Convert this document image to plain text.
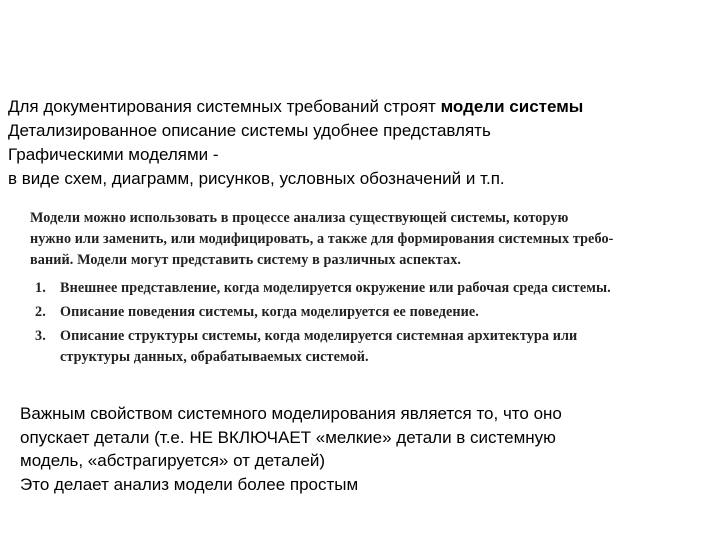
Для документирования системных требований строят модели системы
Детализированное описание системы удобнее представлять
Графическими моделями -
в виде схем, диаграмм, рисунков, условных обозначений и т.п.
Модели можно использовать в процессе анализа существующей системы, которую
нужно или заменить, или модифицировать, а также для формирования системных требо-
ваний. Модели могут представить систему в различных аспектах.
1. Внешнее представление, когда моделируется окружение или рабочая среда системы.
2. Описание поведения системы, когда моделируется ее поведение.
3. Описание структуры системы, когда моделируется системная архитектура или
структуры данных, обрабатываемых системой.
Важным свойством системного моделирования является то, что оно
опускает детали (т.е. НЕ ВКЛЮЧАЕТ «мелкие» детали в системную
модель, «абстрагируется» от деталей)
Это делает анализ модели более простым
